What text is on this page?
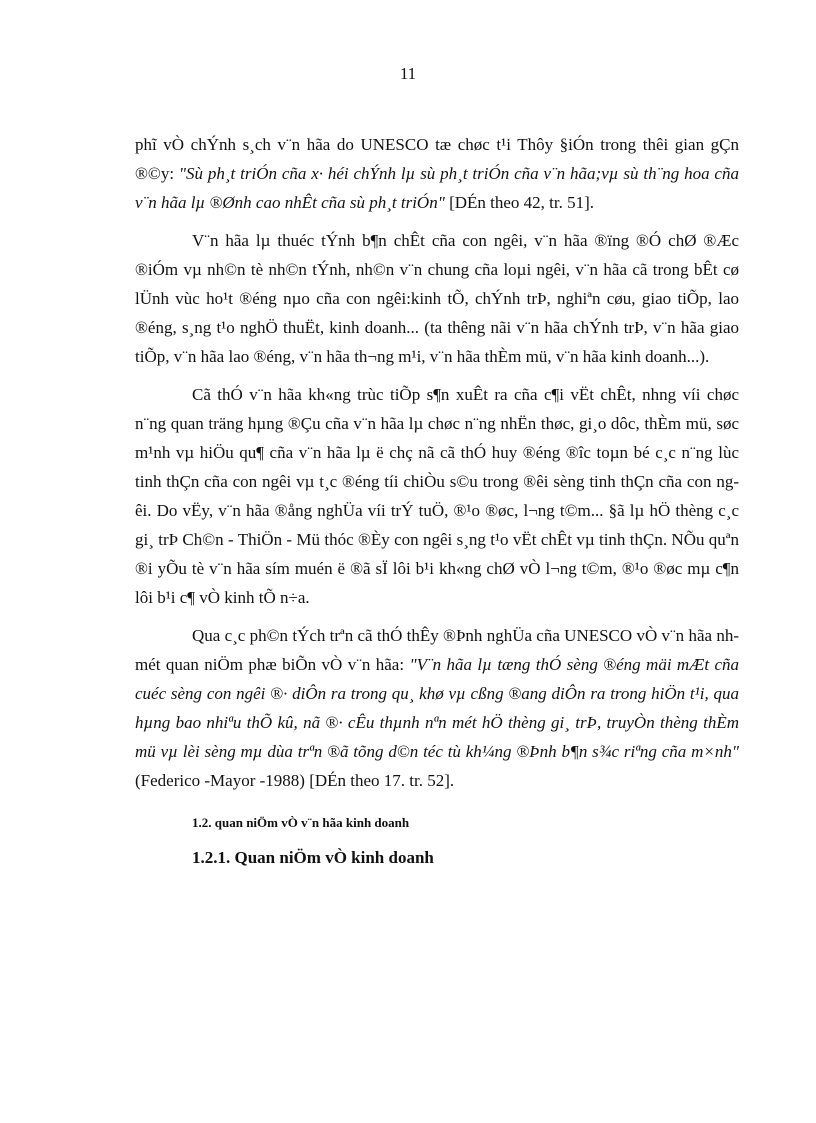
11

phĩ vÒ chÝnh s¸ch v¨n hãa do UNESCO tæ chøc t¹i Thôy §iÓn trong thêi gian gÇn ®©y: "Sù ph¸t triÓn cña x· héi chÝnh lµ sù ph¸t triÓn cña v¨n hãa;vµ sù th¨ng hoa cña v¨n hãa lµ ®Ønh cao nhÊt cña sù ph¸t triÓn" [DÉn theo 42, tr. 51].

V¨n hãa lµ thuéc tÝnh b¶n chÊt cña con ngêi, v¨n hãa ®ïng ®Ó chØ ®Æc ®iÓm vµ nh©n tè nh©n tÝnh, nh©n v¨n chung cña loµi ngêi, v¨n hãa cã trong bÊt cø lÜnh vùc ho¹t ®éng nµo cña con ngêi:kinh tÕ, chÝnh trÞ, nghiªn cøu, giao tiÕp, lao ®éng, s¸ng t¹o nghÖ thuËt, kinh doanh... (ta thêng nãi v¨n hãa chÝnh trÞ, v¨n hãa giao tiÕp, v¨n hãa lao ®éng, v¨n hãa th¬ng m¹i, v¨n hãa thÈm mü, v¨n hãa kinh doanh...).

Cã thÓ v¨n hãa kh«ng trùc tiÕp s¶n xuÊt ra cña c¶i vËt chÊt, nhng víi chøc n¨ng quan träng hµng ®Çu cña v¨n hãa lµ chøc n¨ng nhËn thøc, gi¸o dôc, thÈm mü, søc m¹nh vµ hiÖu qu¶ cña v¨n hãa lµ ë chç nã cã thÓ huy ®éng ®îc toµn bé c¸c n¨ng lùc tinh thÇn cña con ngêi vµ t¸c ®éng tíi chiÒu s©u trong ®êi sèng tinh thÇn cña con ngêi. Do vËy, v¨n hãa ®ång nghÜa víi trÝ tuÖ, ®¹o ®øc, l¬ng t©m... §ã lµ hÖ thèng c¸c gi¸ trÞ Ch©n - ThiÖn - Mü thóc ®Èy con ngêi s¸ng t¹o vËt chÊt vµ tinh thÇn. NÕu quªn ®i yÕu tè v¨n hãa sím muén ë ®ã sÏ lôi b¹i kh«ng chØ vÒ l¬ng t©m, ®¹o ®øc mµ c¶n lôi b¹i c¶ vÒ kinh tÕ n÷a.

Qua c¸c ph©n tÝch trªn cã thÓ thÊy ®Þnh nghÜa cña UNESCO vÒ v¨n hãa nh mét quan niÖm phæ biÕn vÒ v¨n hãa: "V¨n hãa lµ tæng thÓ sèng ®éng mäi mÆt cña cuéc sèng con ngêi ®· diÔn ra trong qu¸ khø vµ cßng ®ang diÔn ra trong hiÖn t¹i, qua hµng bao nhiªu thÕ kû, nã ®· cÊu thµnh nªn mét hÖ thèng gi¸ trÞ, truyÒn thèng thÈm mü vµ lèi sèng mµ dùa trªn ®ã tõng d©n téc tù kh¼ng ®Þnh b¶n s¾c riªng cña m×nh" (Federico -Mayor -1988) [DÉn theo 17. tr. 52].

1.2. quan niÖm vÒ v¨n hãa kinh doanh
1.2.1. Quan niÖm vÒ kinh doanh
